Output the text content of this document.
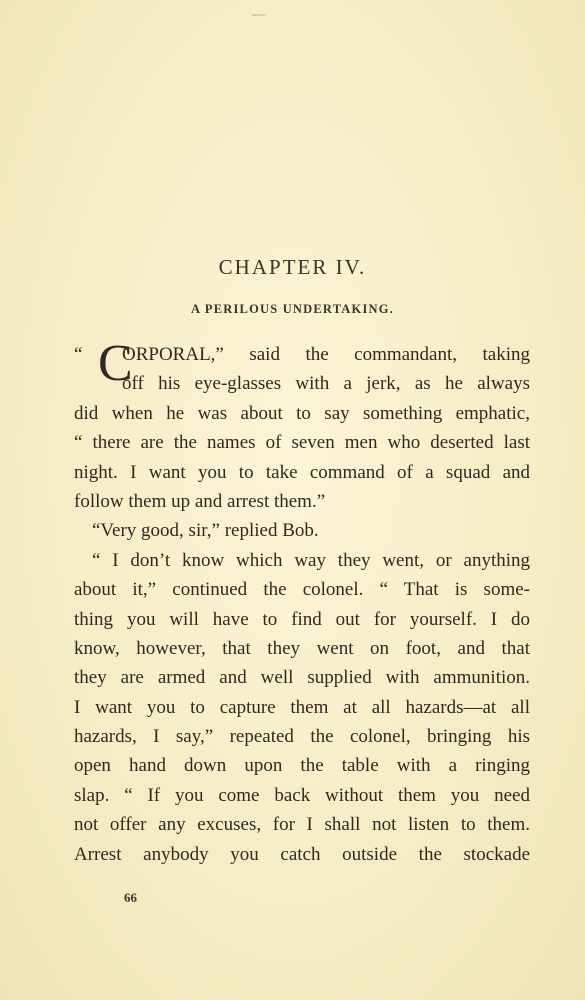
CHAPTER IV.
A PERILOUS UNDERTAKING.
“ C
ORPORAL,” said the commandant, taking
off his eye-glasses with a jerk, as he always
did when he was about to say something emphatic,
“ there are the names of seven men who deserted last
night. I want you to take command of a squad and
follow them up and arrest them.”
“Very good, sir,” replied Bob.
“ I don’t know which way they went, or anything
about it,” continued the colonel. “ That is some-
thing you will have to find out for yourself. I do
know, however, that they went on foot, and that
they are armed and well supplied with ammunition.
I want you to capture them at all hazards—at all
hazards, I say,” repeated the colonel, bringing his
open hand down upon the table with a ringing
slap. “ If you come back without them you need
not offer any excuses, for I shall not listen to them.
Arrest anybody you catch outside the stockade
66
